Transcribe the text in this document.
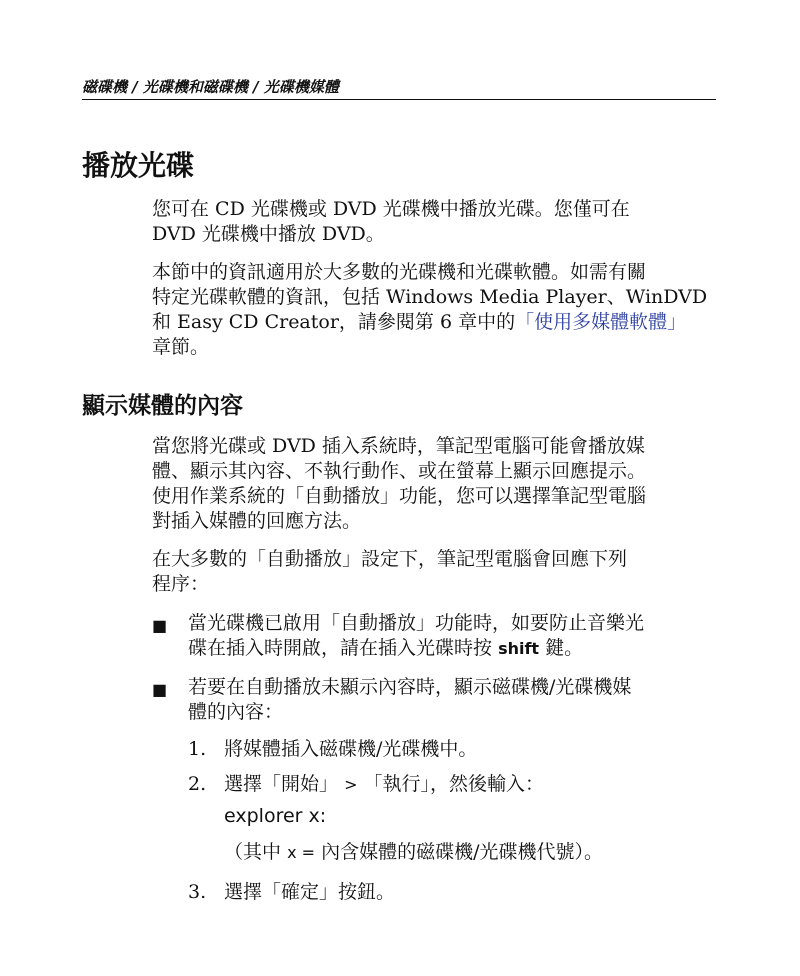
磁碟機 / 光碟機和磁碟機 / 光碟機媒體
播放光碟

您可在 CD 光碟機或 DVD 光碟機中播放光碟。您僅可在
DVD 光碟機中播放 DVD。

本節中的資訊適用於大多數的光碟機和光碟軟體。如需有關
特定光碟軟體的資訊，包括 Windows Media Player、WinDVD
和 Easy CD Creator，請參閱第 6 章中的「使用多媒體軟體」
章節。

顯示媒體的內容

當您將光碟或 DVD 插入系統時，筆記型電腦可能會播放媒
體、顯示其內容、不執行動作、或在螢幕上顯示回應提示。
使用作業系統的「自動播放」功能，您可以選擇筆記型電腦
對插入媒體的回應方法。

在大多數的「自動播放」設定下，筆記型電腦會回應下列
程序：

■ 當光碟機已啟用「自動播放」功能時，如要防止音樂光
碟在插入時開啟，請在插入光碟時按 shift 鍵。

■ 若要在自動播放未顯示內容時，顯示磁碟機/光碟機媒
體的內容：

1. 將媒體插入磁碟機/光碟機中。
2. 選擇「開始」 > 「執行」，然後輸入：
explorer x:
（其中 x = 內含媒體的磁碟機/光碟機代號）。
3. 選擇「確定」按鈕。
